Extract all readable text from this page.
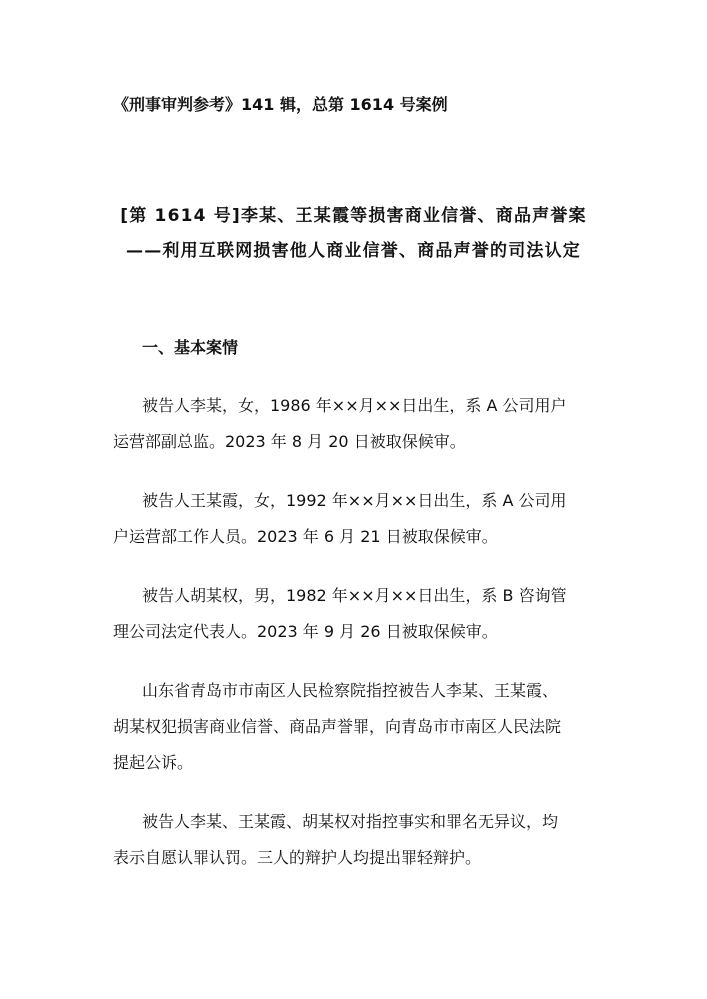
《刑事审判参考》141 辑，总第 1614 号案例
[第 1614 号]李某、王某霞等损害商业信誉、商品声誉案
——利用互联网损害他人商业信誉、商品声誉的司法认定
一、基本案情
被告人李某，女，1986 年××月××日出生，系 A 公司用户
运营部副总监。2023 年 8 月 20 日被取保候审。
被告人王某霞，女，1992 年××月××日出生，系 A 公司用
户运营部工作人员。2023 年 6 月 21 日被取保候审。
被告人胡某权，男，1982 年××月××日出生，系 B 咨询管
理公司法定代表人。2023 年 9 月 26 日被取保候审。
山东省青岛市市南区人民检察院指控被告人李某、王某霞、
胡某权犯损害商业信誉、商品声誉罪，向青岛市市南区人民法院
提起公诉。
被告人李某、王某霞、胡某权对指控事实和罪名无异议，均
表示自愿认罪认罚。三人的辩护人均提出罪轻辩护。
